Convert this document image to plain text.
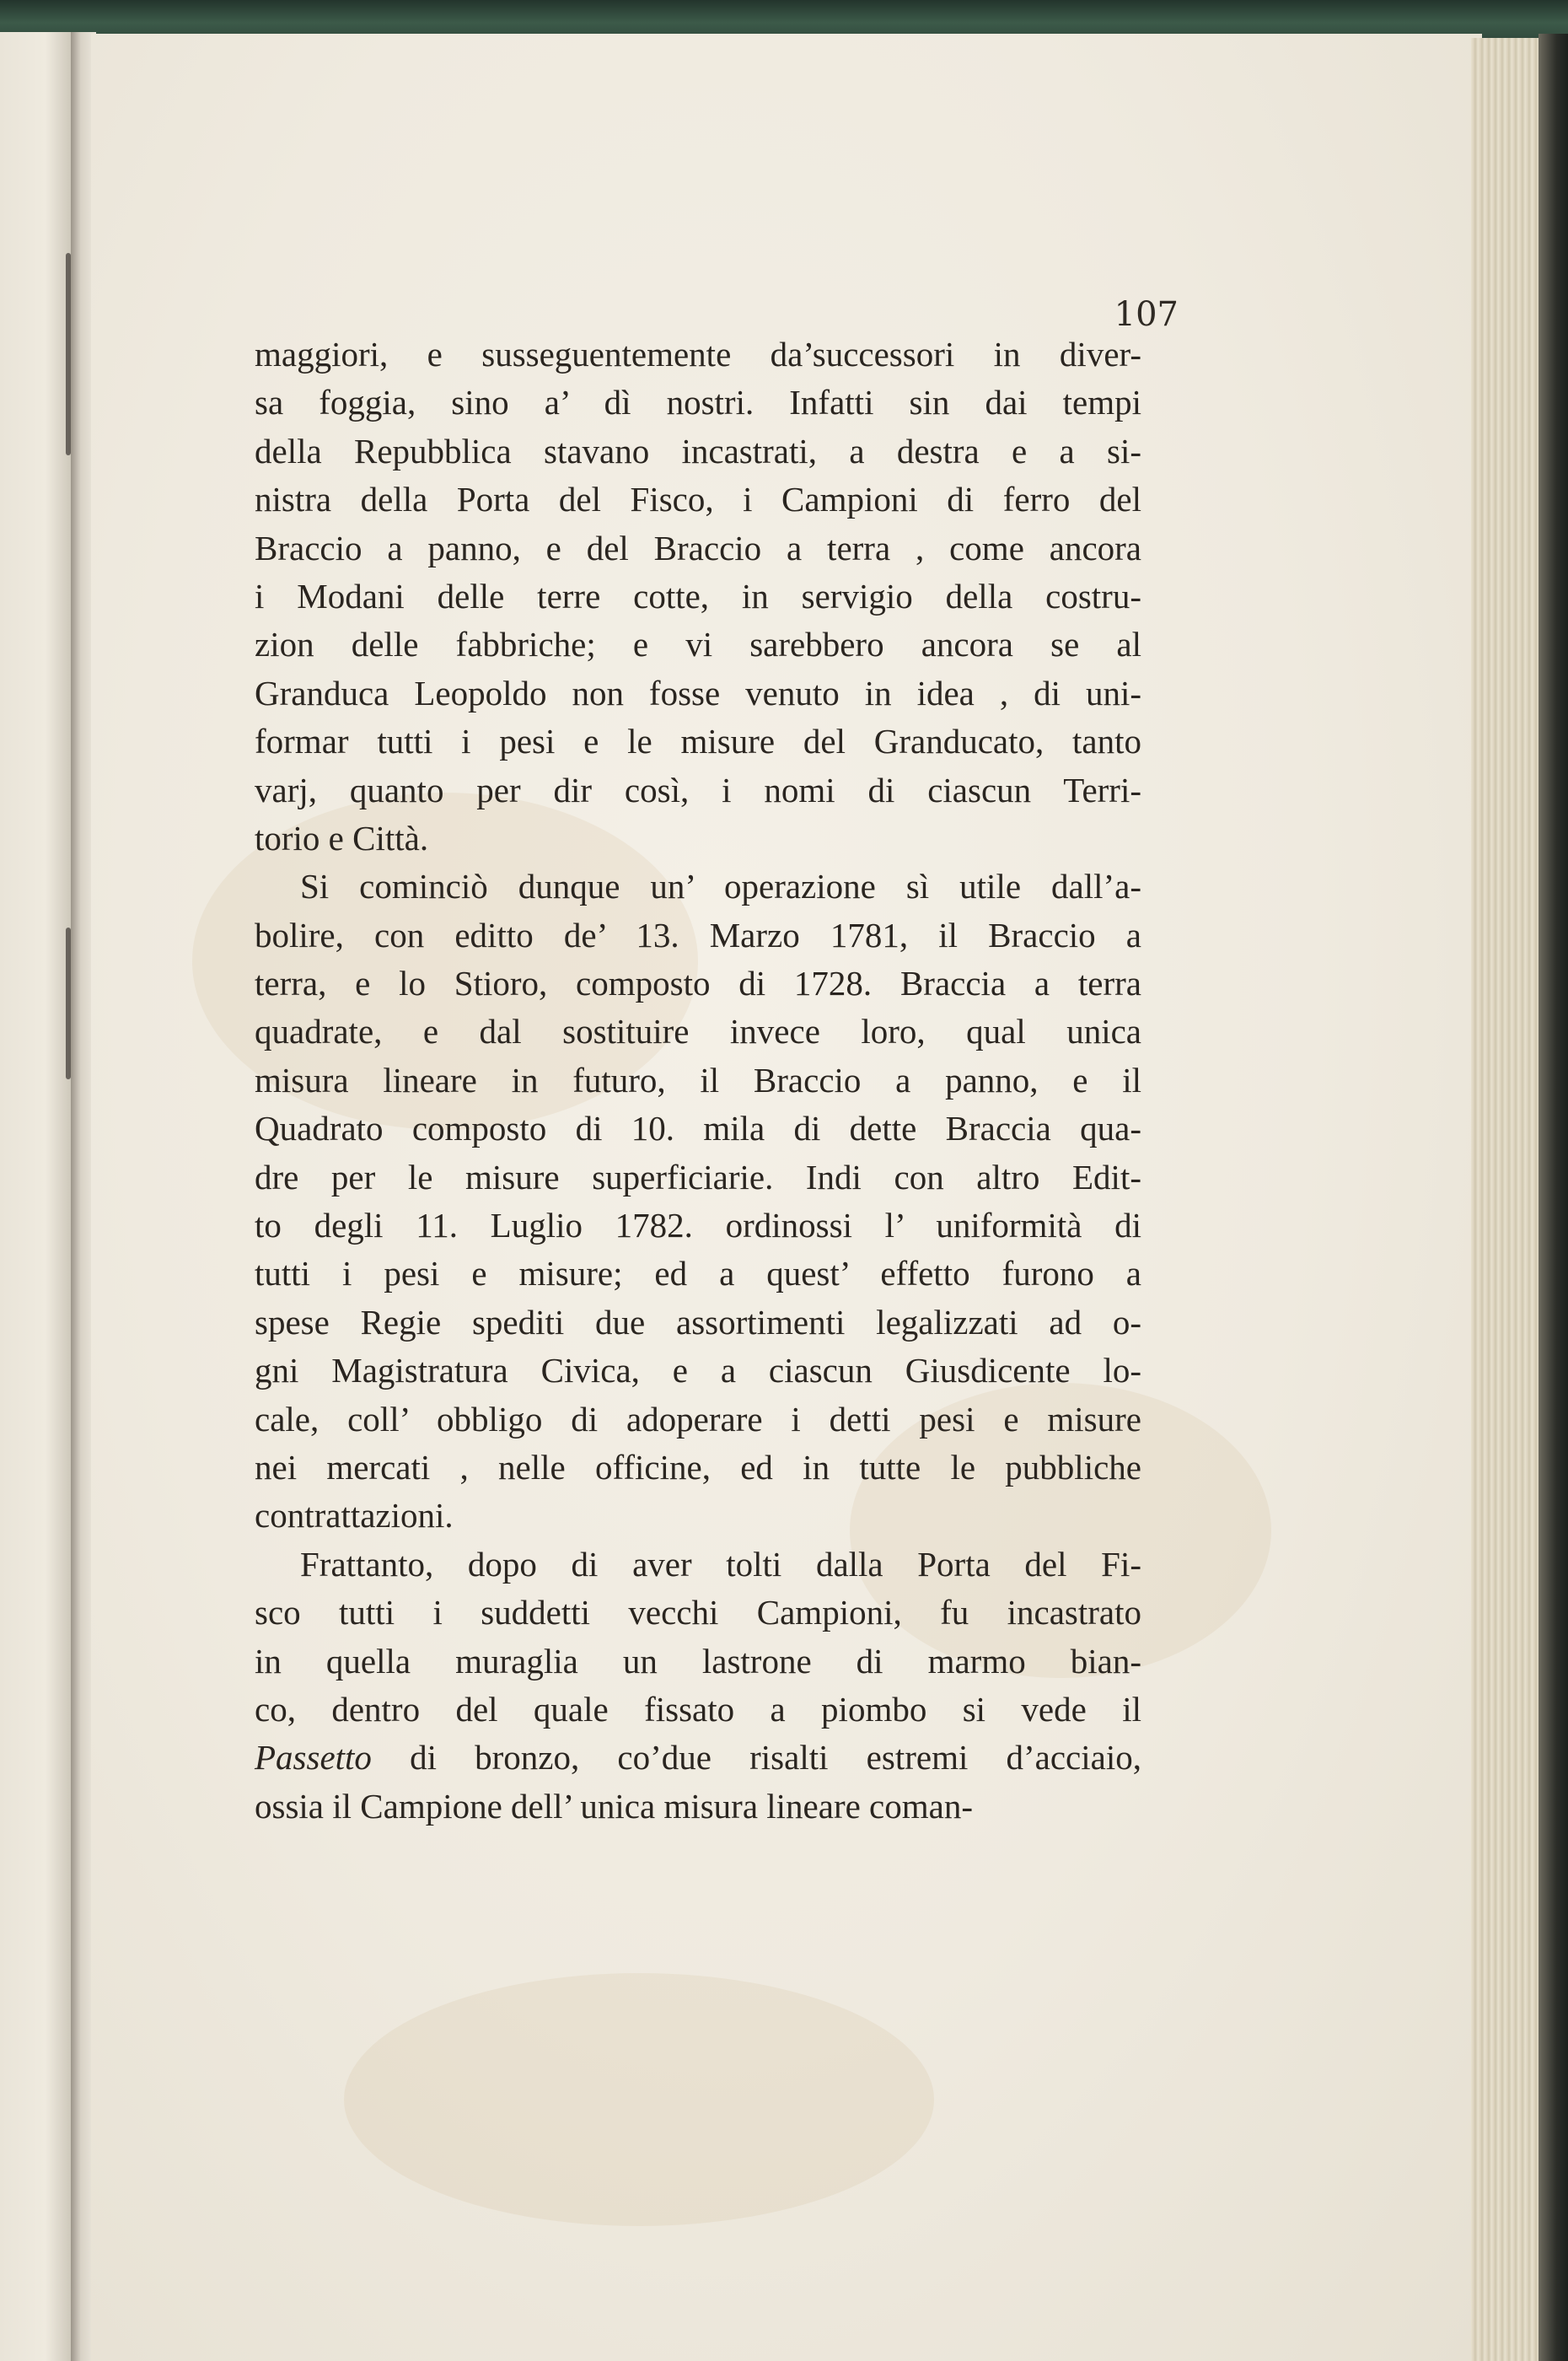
107

maggiori, e susseguentemente da’successori in diver-
sa foggia, sino a’ dì nostri. Infatti sin dai tempi
della Repubblica stavano incastrati, a destra e a si-
nistra della Porta del Fisco, i Campioni di ferro del
Braccio a panno, e del Braccio a terra , come ancora
i Modani delle terre cotte, in servigio della costru-
zion delle fabbriche; e vi sarebbero ancora se al
Granduca Leopoldo non fosse venuto in idea , di uni-
formar tutti i pesi e le misure del Granducato, tanto
varj, quanto per dir così, i nomi di ciascun Terri-
torio e Città.
Si cominciò dunque un’ operazione sì utile dall’a-
bolire, con editto de’ 13. Marzo 1781, il Braccio a
terra, e lo Stioro, composto di 1728. Braccia a terra
quadrate, e dal sostituire invece loro, qual unica
misura lineare in futuro, il Braccio a panno, e il
Quadrato composto di 10. mila di dette Braccia qua-
dre per le misure superficiarie. Indi con altro Edit-
to degli 11. Luglio 1782. ordinossi l’ uniformità di
tutti i pesi e misure; ed a quest’ effetto furono a
spese Regie spediti due assortimenti legalizzati ad o-
gni Magistratura Civica, e a ciascun Giusdicente lo-
cale, coll’ obbligo di adoperare i detti pesi e misure
nei mercati , nelle officine, ed in tutte le pubbliche
contrattazioni.
Frattanto, dopo di aver tolti dalla Porta del Fi-
sco tutti i suddetti vecchi Campioni, fu incastrato
in quella muraglia un lastrone di marmo bian-
co, dentro del quale fissato a piombo si vede il
Passetto di bronzo, co’due risalti estremi d’acciaio,
ossia il Campione dell’ unica misura lineare coman-
